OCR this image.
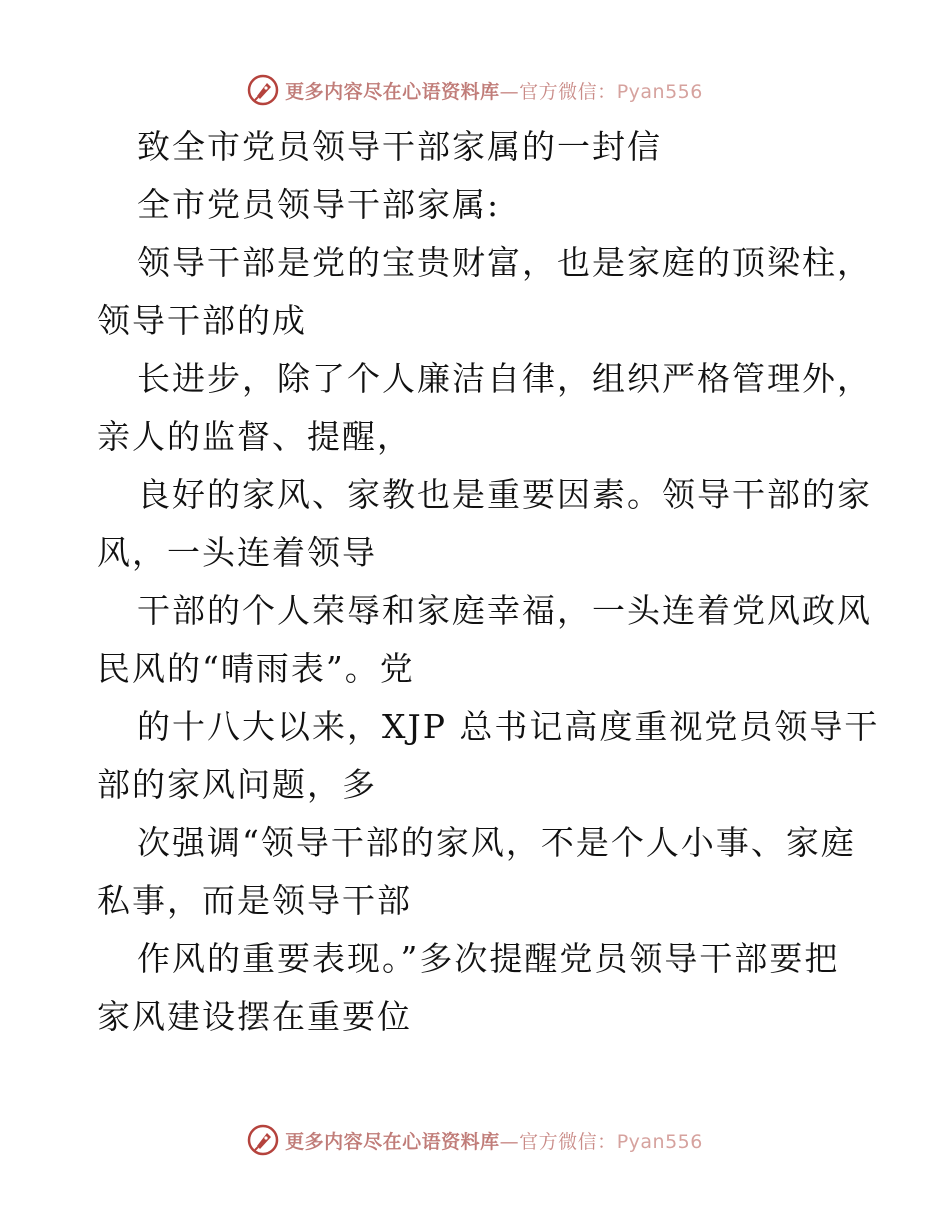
更多内容尽在心语资料库—官方微信：Pyan556
致全市党员领导干部家属的一封信
全市党员领导干部家属:
领导干部是党的宝贵财富，也是家庭的顶梁柱，
领导干部的成
长进步，除了个人廉洁自律，组织严格管理外，
亲人的监督、提醒，
良好的家风、家教也是重要因素。领导干部的家
风，一头连着领导
干部的个人荣辱和家庭幸福，一头连着党风政风
民风的“晴雨表”。党
的十八大以来，XJP 总书记高度重视党员领导干
部的家风问题，多
次强调“领导干部的家风，不是个人小事、家庭
私事，而是领导干部
作风的重要表现。”多次提醒党员领导干部要把
家风建设摆在重要位
更多内容尽在心语资料库—官方微信：Pyan556
